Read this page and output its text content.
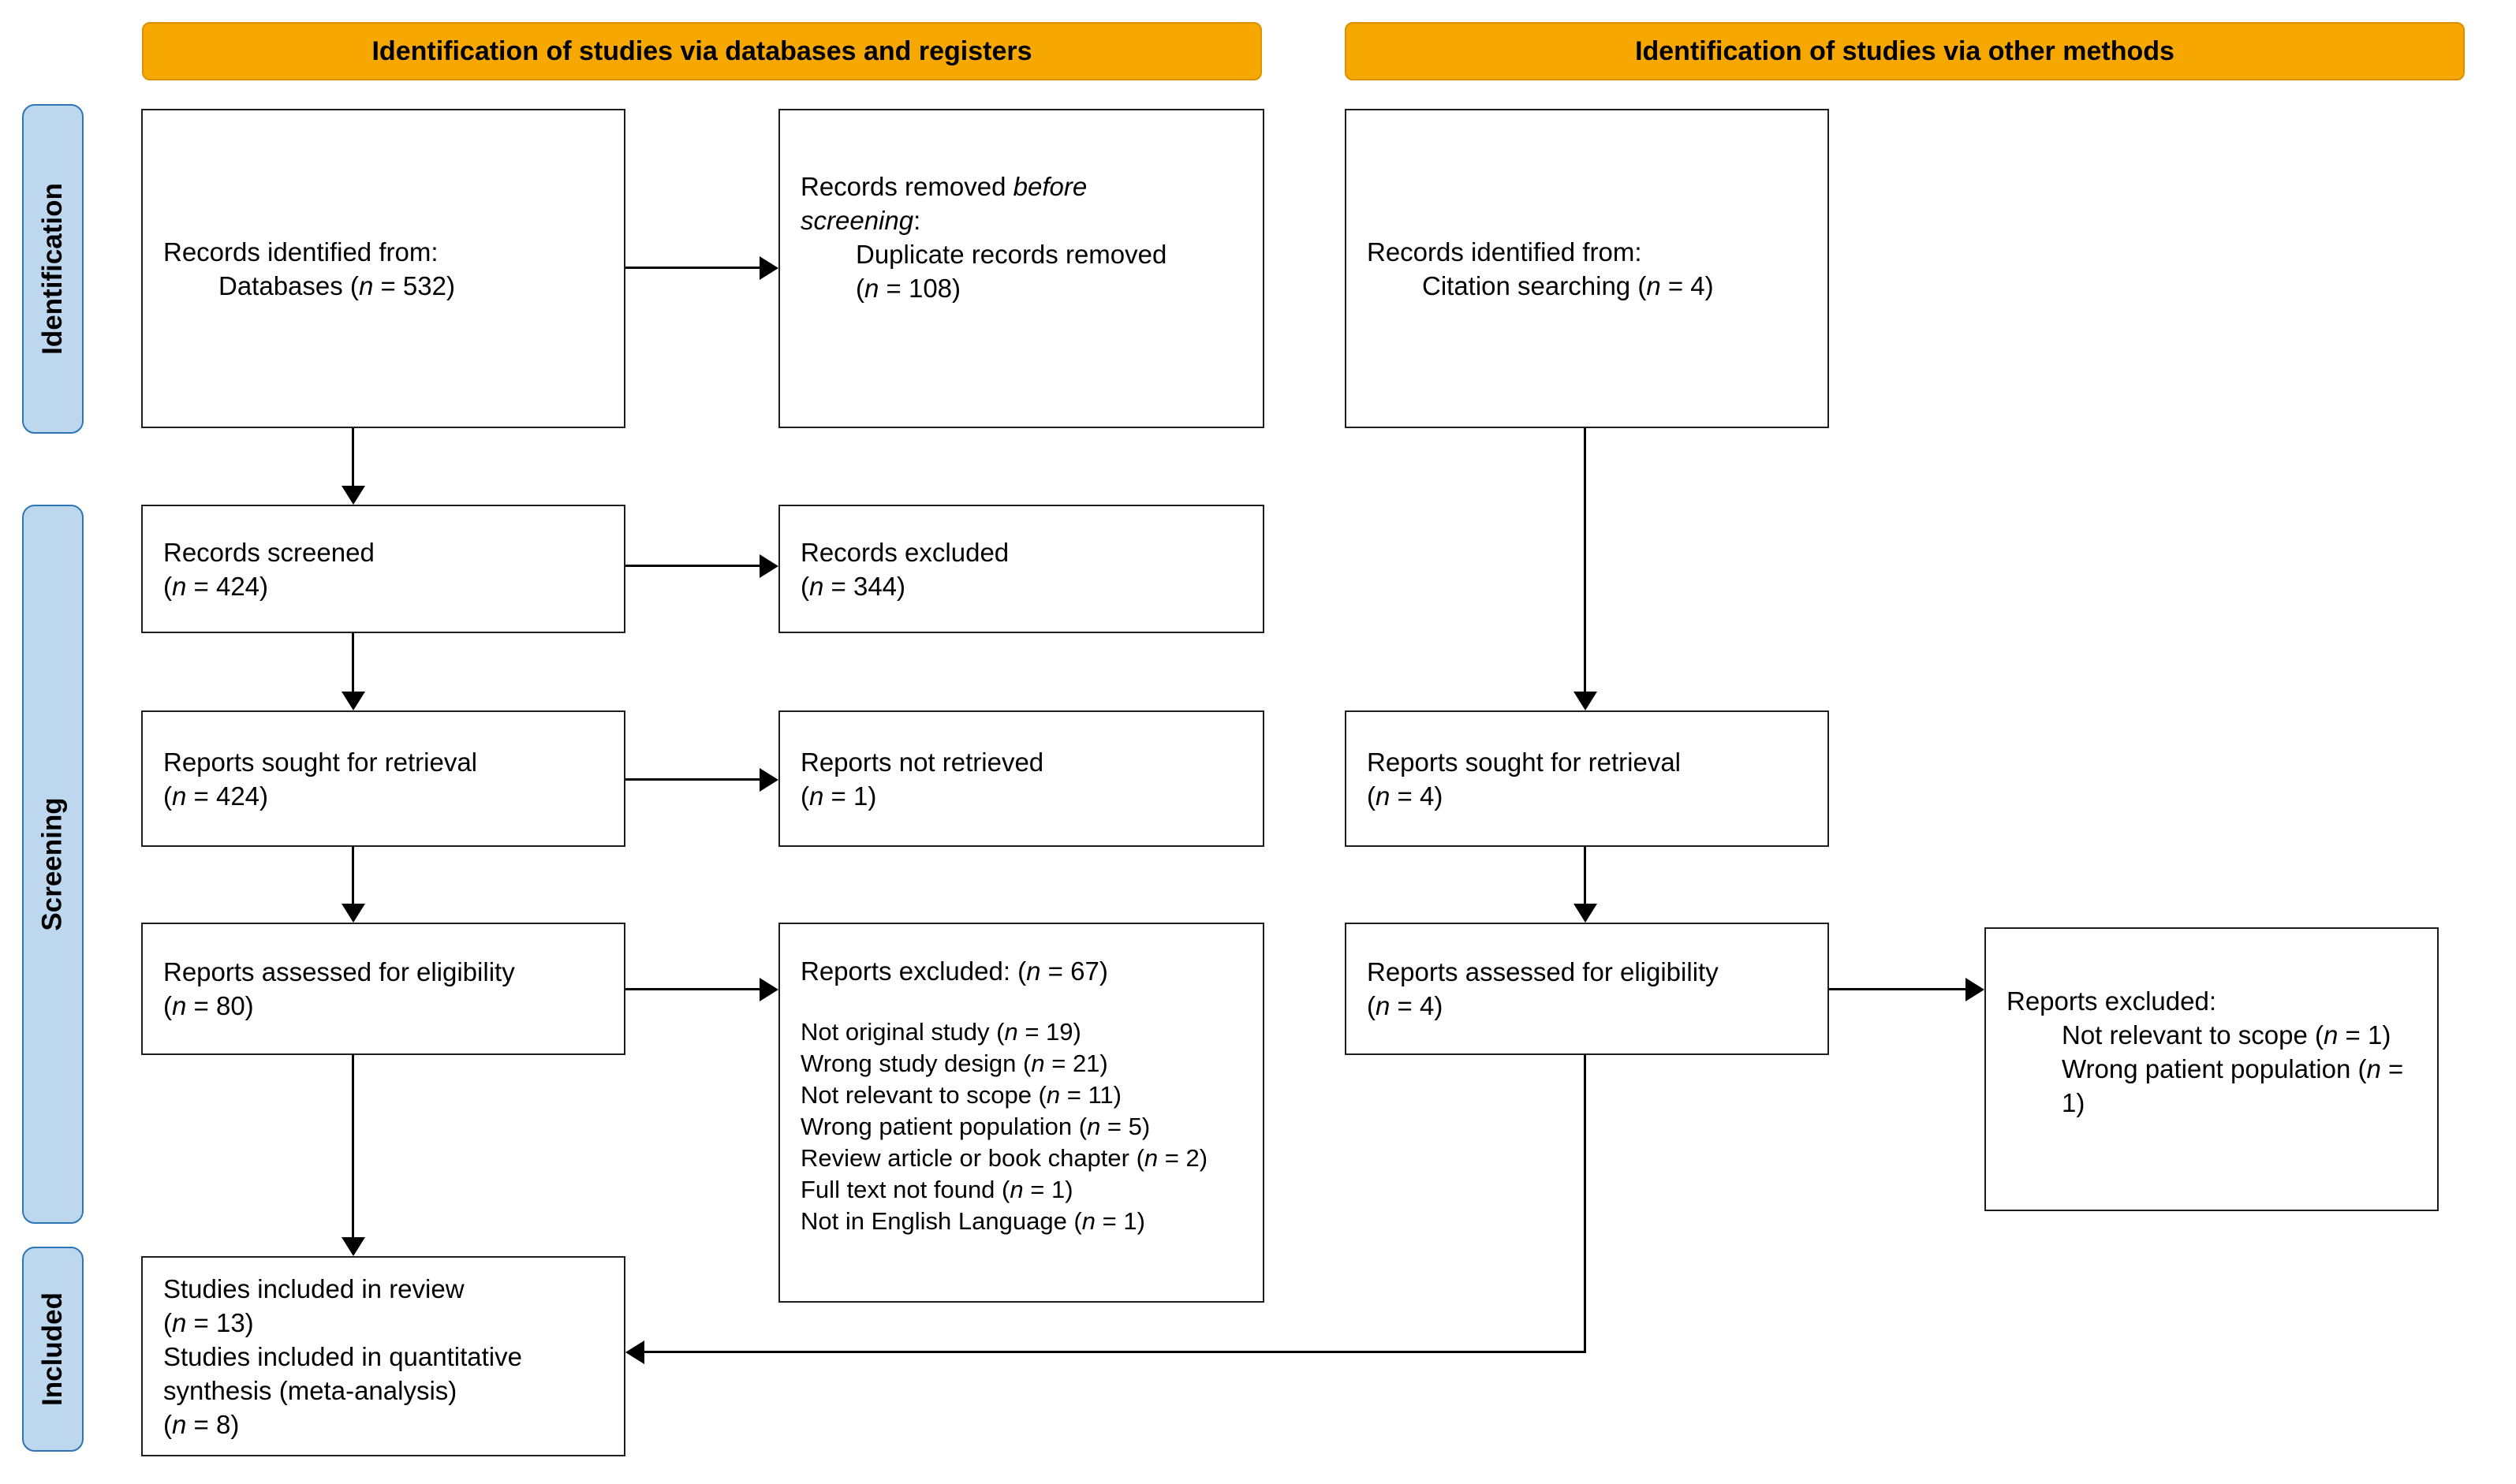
Identification of studies via databases and registers	Identification of studies via other methods
Identification
Screening
Included
Records identified from:
Databases (n = 532)
Records screened
(n = 424)
Reports sought for retrieval
(n = 424)
Reports assessed for eligibility
(n = 80)
Studies included in review
(n = 13)
Studies included in quantitative
synthesis (meta-analysis)
(n = 8)
Records removed before
screening:
Duplicate records removed
(n = 108)
Records excluded
(n = 344)
Reports not retrieved
(n = 1)
Reports excluded: (n = 67)

Not original study (n = 19)
Wrong study design (n = 21)
Not relevant to scope (n = 11)
Wrong patient population (n = 5)
Review article or book chapter (n = 2)
Full text not found (n = 1)
Not in English Language (n = 1)
Records identified from:
Citation searching (n = 4)
Reports sought for retrieval
(n = 4)
Reports assessed for eligibility
(n = 4)	Reports excluded:
Not relevant to scope (n = 1)
Wrong patient population (n =
1)
